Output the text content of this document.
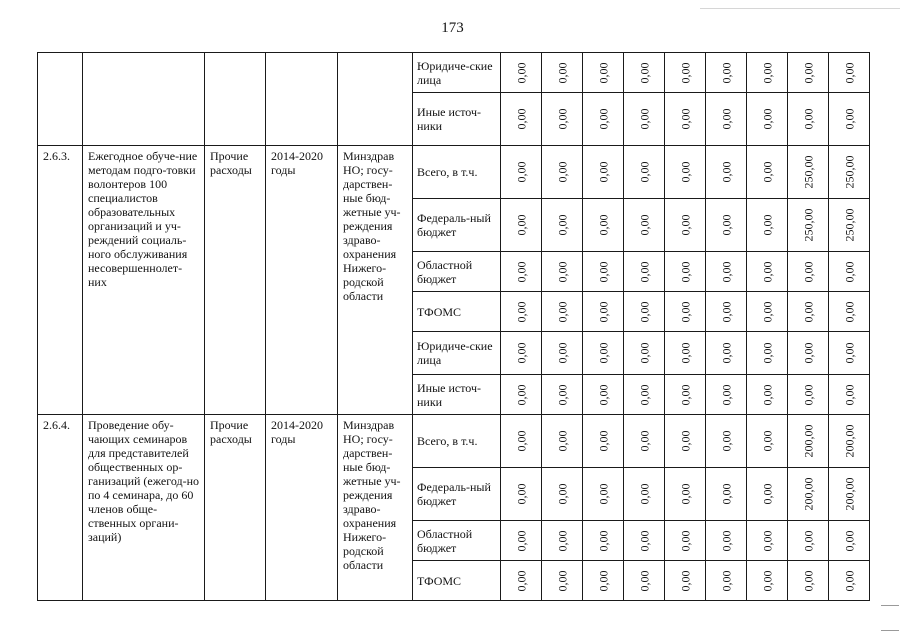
173
					Юридиче-ские лица	0,00	0,00	0,00	0,00	0,00	0,00	0,00	0,00	0,00
					Иные источ-ники	0,00	0,00	0,00	0,00	0,00	0,00	0,00	0,00	0,00
2.6.3.	Ежегодное обуче-ние методам подго-товки волонтеров 100 специалистов образовательных организаций и уч-реждений социаль-ного обслуживания несовершеннолет-них	Прочие расходы	2014-2020 годы	Минздрав НО; госу-дарствен-ные бюд-жетные уч-реждения здраво-охранения Нижего-родской области	Всего, в т.ч.	0,00	0,00	0,00	0,00	0,00	0,00	0,00	250,00	250,00
					Федераль-ный бюджет	0,00	0,00	0,00	0,00	0,00	0,00	0,00	250,00	250,00
					Областной бюджет	0,00	0,00	0,00	0,00	0,00	0,00	0,00	0,00	0,00
					ТФОМС	0,00	0,00	0,00	0,00	0,00	0,00	0,00	0,00	0,00
					Юридиче-ские лица	0,00	0,00	0,00	0,00	0,00	0,00	0,00	0,00	0,00
					Иные источ-ники	0,00	0,00	0,00	0,00	0,00	0,00	0,00	0,00	0,00
2.6.4.	Проведение обу-чающих семинаров для представителей общественных ор-ганизаций (ежегод-но по 4 семинара, до 60 членов обще-ственных органи-заций)	Прочие расходы	2014-2020 годы	Минздрав НО; госу-дарствен-ные бюд-жетные уч-реждения здраво-охранения Нижего-родской области	Всего, в т.ч.	0,00	0,00	0,00	0,00	0,00	0,00	0,00	200,00	200,00
					Федераль-ный бюджет	0,00	0,00	0,00	0,00	0,00	0,00	0,00	200,00	200,00
					Областной бюджет	0,00	0,00	0,00	0,00	0,00	0,00	0,00	0,00	0,00
					ТФОМС	0,00	0,00	0,00	0,00	0,00	0,00	0,00	0,00	0,00
